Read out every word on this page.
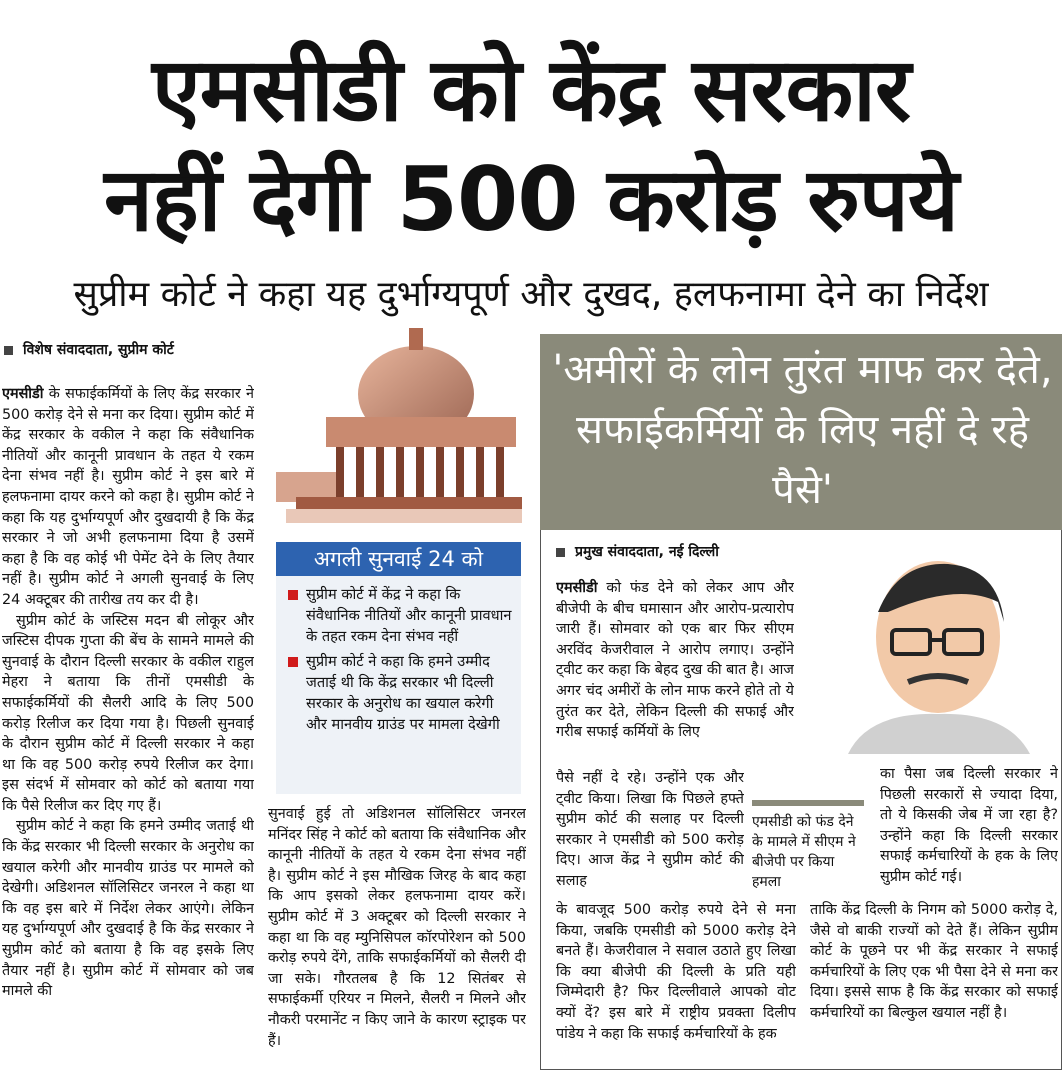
एमसीडी को केंद्र सरकार
नहीं देगी 500 करोड़ रुपये
सुप्रीम कोर्ट ने कहा यह दुर्भाग्यपूर्ण और दुखद, हलफनामा देने का निर्देश
विशेष संवाददाता, सुप्रीम कोर्ट

एमसीडी के सफाईकर्मियों के लिए केंद्र सरकार ने 500 करोड़ देने से मना कर दिया। सुप्रीम कोर्ट में केंद्र सरकार के वकील ने कहा कि संवैधानिक नीतियों और कानूनी प्रावधान के तहत ये रकम देना संभव नहीं है। सुप्रीम कोर्ट ने इस बारे में हलफनामा दायर करने को कहा है। सुप्रीम कोर्ट ने कहा कि यह दुर्भाग्यपूर्ण और दुखदायी है कि केंद्र सरकार ने जो अभी हलफनामा दिया है उसमें कहा है कि वह कोई भी पेमेंट देने के लिए तैयार नहीं है। सुप्रीम कोर्ट ने अगली सुनवाई के लिए 24 अक्टूबर की तारीख तय कर दी है।

सुप्रीम कोर्ट के जस्टिस मदन बी लोकूर और जस्टिस दीपक गुप्ता की बेंच के सामने मामले की सुनवाई के दौरान दिल्ली सरकार के वकील राहुल मेहरा ने बताया कि तीनों एमसीडी के सफाईकर्मियों की सैलरी आदि के लिए 500 करोड़ रिलीज कर दिया गया है। पिछली सुनवाई के दौरान सुप्रीम कोर्ट में दिल्ली सरकार ने कहा था कि वह 500 करोड़ रुपये रिलीज कर देगा। इस संदर्भ में सोमवार को कोर्ट को बताया गया कि पैसे रिलीज कर दिए गए हैं।

सुप्रीम कोर्ट ने कहा कि हमने उम्मीद जताई थी कि केंद्र सरकार भी दिल्ली सरकार के अनुरोध का खयाल करेगी और मानवीय ग्राउंड पर मामले को देखेगी। अडिशनल सॉलिसिटर जनरल ने कहा था कि वह इस बारे में निर्देश लेकर आएंगे। लेकिन यह दुर्भाग्यपूर्ण और दुखदाई है कि केंद्र सरकार ने सुप्रीम कोर्ट को बताया है कि वह इसके लिए तैयार नहीं है। सुप्रीम कोर्ट में सोमवार को जब मामले की

अगली सुनवाई 24 को
सुप्रीम कोर्ट में केंद्र ने कहा कि संवैधानिक नीतियों और कानूनी प्रावधान के तहत रकम देना संभव नहीं
सुप्रीम कोर्ट ने कहा कि हमने उम्मीद जताई थी कि केंद्र सरकार भी दिल्ली सरकार के अनुरोध का खयाल करेगी और मानवीय ग्राउंड पर मामला देखेगी
सुनवाई हुई तो अडिशनल सॉलिसिटर जनरल मनिंदर सिंह ने कोर्ट को बताया कि संवैधानिक और कानूनी नीतियों के तहत ये रकम देना संभव नहीं है। सुप्रीम कोर्ट ने इस मौखिक जिरह के बाद कहा कि आप इसको लेकर हलफनामा दायर करें। सुप्रीम कोर्ट में 3 अक्टूबर को दिल्ली सरकार ने कहा था कि वह म्युनिसिपल कॉरपोरेशन को 500 करोड़ रुपये देंगे, ताकि सफाईकर्मियों को सैलरी दी जा सके। गौरतलब है कि 12 सितंबर से सफाईकर्मी एरियर न मिलने, सैलरी न मिलने और नौकरी परमानेंट न किए जाने के कारण स्ट्राइक पर हैं।
'अमीरों के लोन तुरंत माफ कर देते, सफाईकर्मियों के लिए नहीं दे रहे पैसे'
प्रमुख संवाददाता, नई दिल्ली

एमसीडी को फंड देने को लेकर आप और बीजेपी के बीच घमासान और आरोप-प्रत्यारोप जारी हैं। सोमवार को एक बार फिर सीएम अरविंद केजरीवाल ने आरोप लगाए। उन्होंने ट्वीट कर कहा कि बेहद दुख की बात है। आज अगर चंद अमीरों के लोन माफ करने होते तो ये तुरंत कर देते, लेकिन दिल्ली की सफाई और गरीब सफाई कर्मियों के लिए

पैसे नहीं दे रहे। उन्होंने एक और ट्वीट किया। लिखा कि पिछले हफ्ते सुप्रीम कोर्ट की सलाह पर दिल्ली सरकार ने एमसीडी को 500 करोड़ दिए। आज केंद्र ने सुप्रीम कोर्ट की सलाह

एमसीडी को फंड देने के मामले में सीएम ने बीजेपी पर किया हमला
का पैसा जब दिल्ली सरकार ने पिछली सरकारों से ज्यादा दिया, तो ये किसकी जेब में जा रहा है? उन्होंने कहा कि दिल्ली सरकार सफाई कर्मचारियों के हक के लिए सुप्रीम कोर्ट गई।
के बावजूद 500 करोड़ रुपये देने से मना किया, जबकि एमसीडी को 5000 करोड़ देने बनते हैं। केजरीवाल ने सवाल उठाते हुए लिखा कि क्या बीजेपी की दिल्ली के प्रति यही जिम्मेदारी है? फिर दिल्लीवाले आपको वोट क्यों दें? इस बारे में राष्ट्रीय प्रवक्ता दिलीप पांडेय ने कहा कि सफाई कर्मचारियों के हक
ताकि केंद्र दिल्ली के निगम को 5000 करोड़ दे, जैसे वो बाकी राज्यों को देते हैं। लेकिन सुप्रीम कोर्ट के पूछने पर भी केंद्र सरकार ने सफाई कर्मचारियों के लिए एक भी पैसा देने से मना कर दिया। इससे साफ है कि केंद्र सरकार को सफाई कर्मचारियों का बिल्कुल खयाल नहीं है।
